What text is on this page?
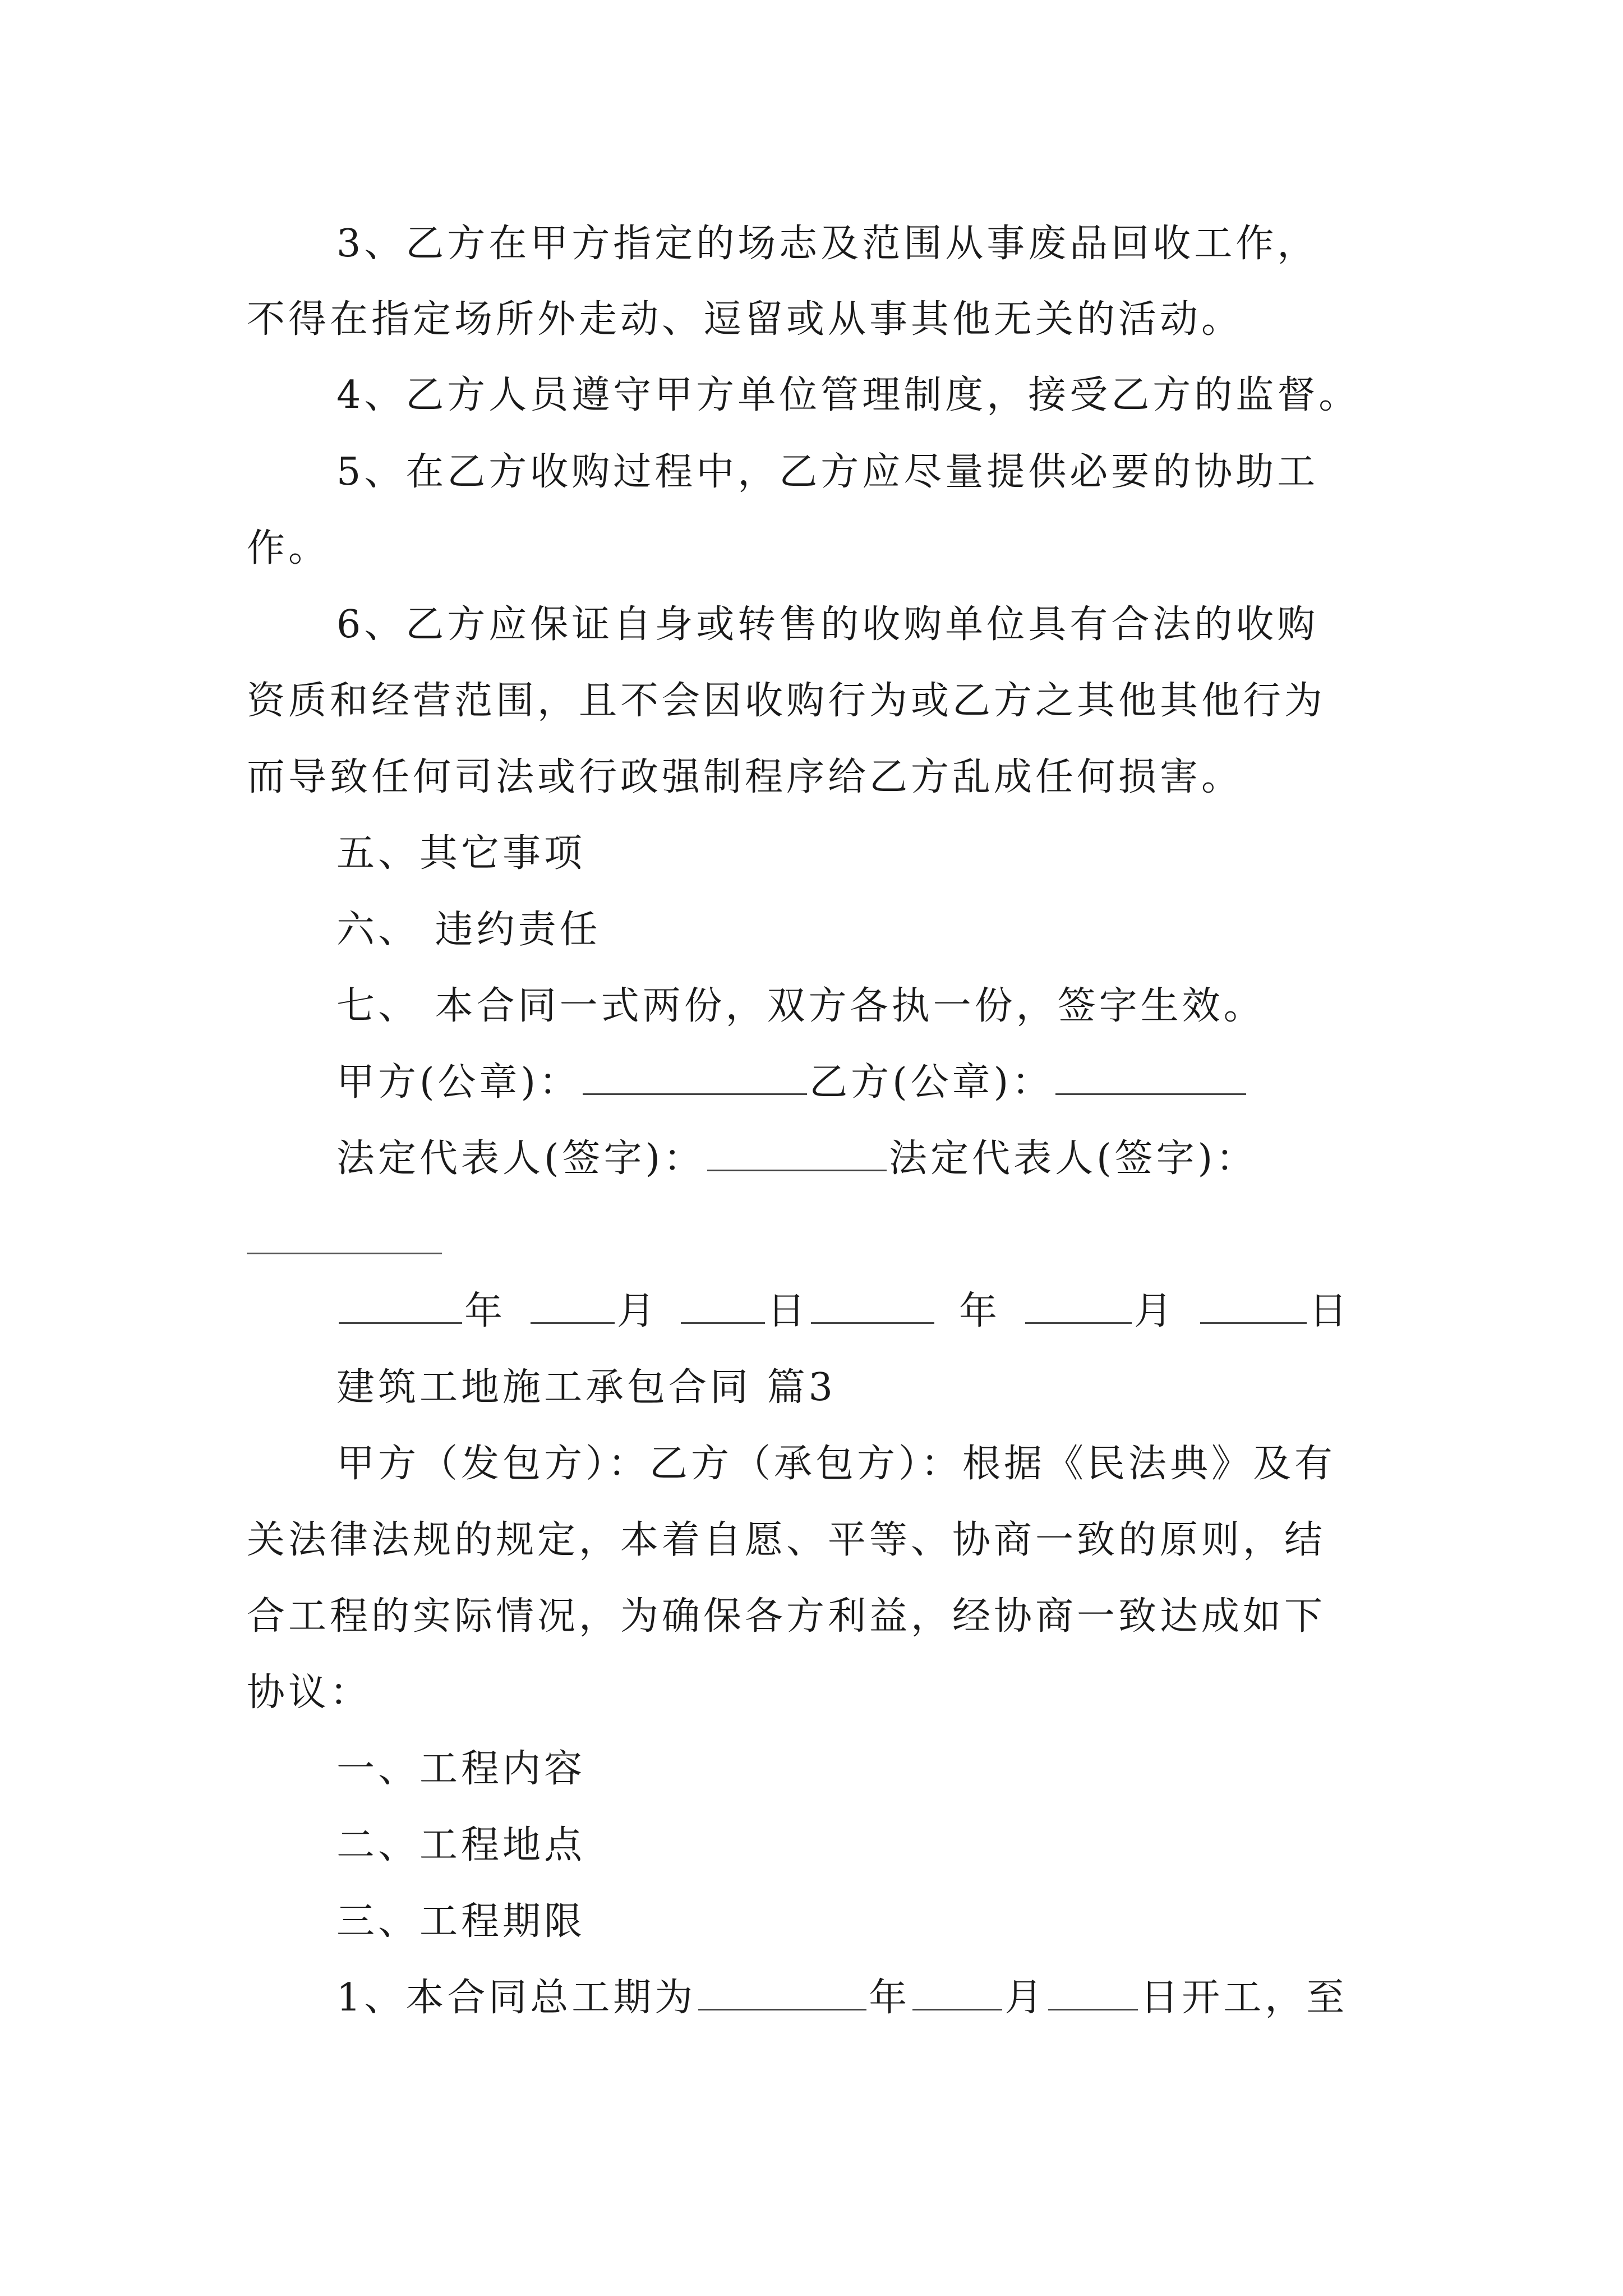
3、乙方在甲方指定的场志及范围从事废品回收工作，
不得在指定场所外走动、逗留或从事其他无关的活动。
4、乙方人员遵守甲方单位管理制度，接受乙方的监督。
5、在乙方收购过程中，乙方应尽量提供必要的协助工
作。
6、乙方应保证自身或转售的收购单位具有合法的收购
资质和经营范围，且不会因收购行为或乙方之其他其他行为
而导致任何司法或行政强制程序给乙方乱成任何损害。
五、其它事项
六、 违约责任
七、 本合同一式两份，双方各执一份，签字生效。
甲方(公章)：	乙方(公章)：
法定代表人(签字)：	法定代表人(签字)：
年	月	日	年	月	日
建筑工地施工承包合同 篇3
甲方（发包方）：乙方（承包方）：根据《民法典》及有
关法律法规的规定，本着自愿、平等、协商一致的原则，结
合工程的实际情况，为确保各方利益，经协商一致达成如下
协议：
一、工程内容
二、工程地点
三、工程期限
1、本合同总工期为	年 月 日开工，至
